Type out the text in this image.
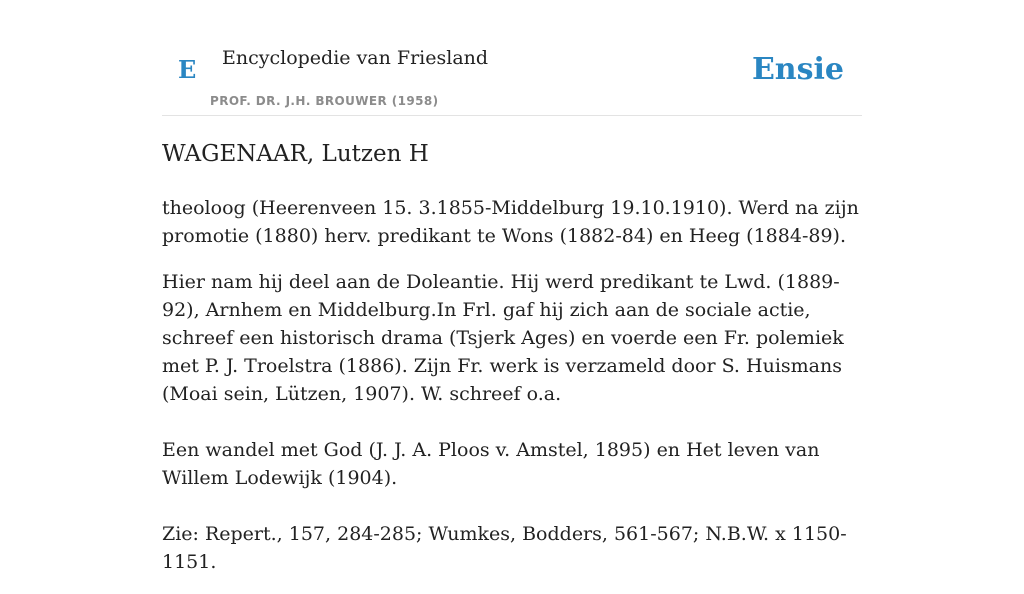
E Encyclopedie van Friesland
PROF. DR. J.H. BROUWER (1958)
Ensie
WAGENAAR, Lutzen H

theoloog (Heerenveen 15. 3.1855-Middelburg 19.10.1910). Werd na zijn promotie (1880) herv. predikant te Wons (1882-84) en Heeg (1884-89).

Hier nam hij deel aan de Doleantie. Hij werd predikant te Lwd. (1889-92), Arnhem en Middelburg.In Frl. gaf hij zich aan de sociale actie, schreef een historisch drama (Tsjerk Ages) en voerde een Fr. polemiek met P. J. Troelstra (1886). Zijn Fr. werk is verzameld door S. Huismans (Moai sein, Lützen, 1907). W. schreef o.a.

Een wandel met God (J. J. A. Ploos v. Amstel, 1895) en Het leven van Willem Lodewijk (1904).

Zie: Repert., 157, 284-285; Wumkes, Bodders, 561-567; N.B.W. x 1150-1151.
